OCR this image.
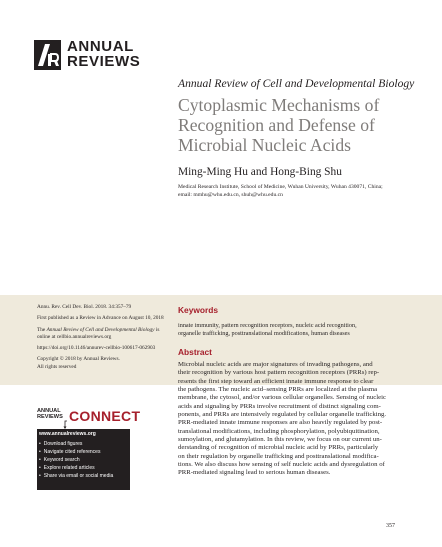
ANNUAL
REVIEWS
Annual Review of Cell and Developmental Biology
Cytoplasmic Mechanisms of
Recognition and Defense of
Microbial Nucleic Acids
Ming-Ming Hu and Hong-Bing Shu
Medical Research Institute, School of Medicine, Wuhan University, Wuhan 430071, China;
email: mmhu@whu.edu.cn, shuh@whu.edu.cn

Annu. Rev. Cell Dev. Biol. 2018. 34:357–79

First published as a Review in Advance on August 10, 2018

The Annual Review of Cell and Developmental Biology is online at cellbio.annualreviews.org

https://doi.org/10.1146/annurev-cellbio-100617-062903

Copyright © 2018 by Annual Reviews.
All rights reserved

Keywords
innate immunity, pattern recognition receptors, nucleic acid recognition,
organelle trafficking, posttranslational modifications, human diseases
Abstract
Microbial nucleic acids are major signatures of invading pathogens, and
their recognition by various host pattern recognition receptors (PRRs) rep-
resents the first step toward an efficient innate immune response to clear
the pathogens. The nucleic acid–sensing PRRs are localized at the plasma
membrane, the cytosol, and/or various cellular organelles. Sensing of nucleic
acids and signaling by PRRs involve recruitment of distinct signaling com-
ponents, and PRRs are intensively regulated by cellular organelle trafficking.
PRR-mediated innate immune responses are also heavily regulated by post-
translational modifications, including phosphorylation, polyubiquitination,
sumoylation, and glutamylation. In this review, we focus on our current un-
derstanding of recognition of microbial nucleic acid by PRRs, particularly
on their regulation by organelle trafficking and posttranslational modifica-
tions. We also discuss how sensing of self nucleic acids and dysregulation of
PRR-mediated signaling lead to serious human diseases.
ANNUAL
REVIEWS CONNECT
www.annualreviews.org
• Download figures
• Navigate cited references
• Keyword search
• Explore related articles
• Share via email or social media
357
